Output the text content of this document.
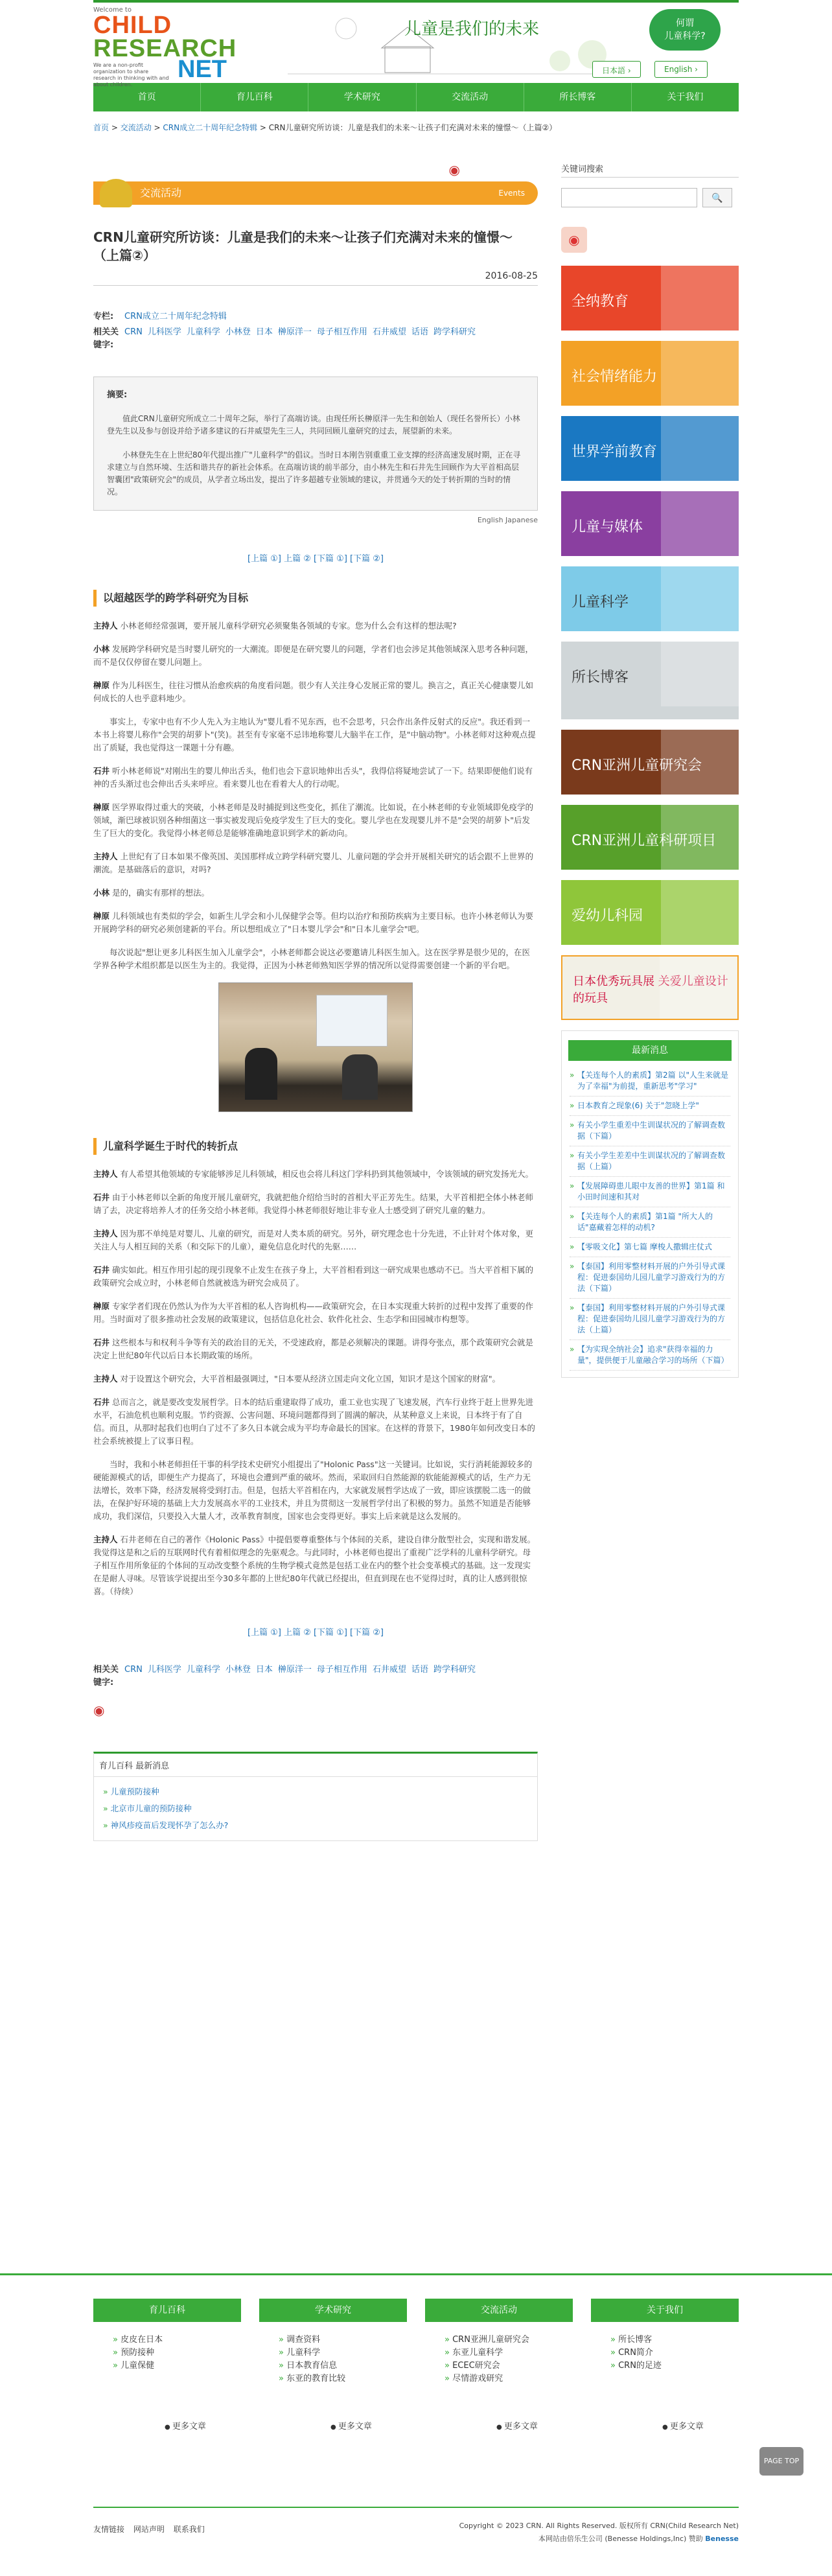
Welcome to
CHILD
RESEARCH
NET
We are a non-profit organization to share research in thinking with and about children.
儿童是我们的未来	何谓
儿童科学?
日本語 ›	English ›
首页	育儿百科	学术研究	交流活动	所长博客	关于我们
首页 > 交流活动 > CRN成立二十周年纪念特辑 > CRN儿童研究所访谈：儿童是我们的未来～让孩子们充满对未来的憧憬～（上篇②）
◉
交流活动	Events
CRN儿童研究所访谈：儿童是我们的未来～让孩子们充满对未来的憧憬～（上篇②）
2016-08-25
专栏: CRN成立二十周年纪念特辑
相关关键字:CRN 儿科医学 儿童科学 小林登 日本 榊原洋一 母子相互作用 石井威望 话语 跨学科研究
摘要:

值此CRN儿童研究所成立二十周年之际，举行了高端访谈。由现任所长榊原洋一先生和创始人（现任名誉所长）小林登先生以及参与创设并给予诸多建议的石井威望先生三人，共同回顾儿童研究的过去，展望新的未来。

小林登先生在上世纪80年代提出推广"儿童科学"的倡议。当时日本刚告别重重工业支撑的经济高速发展时期，正在寻求建立与自然环境、生活和谐共存的新社会体系。在高端访谈的前半部分，由小林先生和石井先生回顾作为大平首相高层智囊团"政策研究会"的成员，从学者立场出发，提出了许多超越专业领域的建议，并贯通今天的处于转折期的当时的情况。

English Japanese
[上篇 ①] 上篇 ② [下篇 ①] [下篇 ②]
以超越医学的跨学科研究为目标

主持人 小林老师经常强调，要开展儿童科学研究必须聚集各领域的专家。您为什么会有这样的想法呢?

小林 发展跨学科研究是当时婴儿研究的一大潮流。即便是在研究婴儿的问题，学者们也会涉足其他领域深入思考各种问题，而不是仅仅停留在婴儿问题上。

榊原 作为儿科医生，往往习惯从治愈疾病的角度看问题。很少有人关注身心发展正常的婴儿。换言之，真正关心健康婴儿如何成长的人也乎意料地少。

事实上，专家中也有不少人先入为主地认为"婴儿看不见东西，也不会思考，只会作出条件反射式的反应"。我还看到一本书上将婴儿称作"会哭的胡萝卜"(笑)。甚至有专家毫不忌讳地称婴儿大脑半在工作，是"中脑动物"。小林老师对这种观点提出了质疑，我也觉得这一课题十分有趣。

石井 听小林老师说"对刚出生的婴儿伸出舌头，他们也会下意识地伸出舌头"，我得信将疑地尝试了一下。结果即便他们说有神的舌头渐过也会伸出舌头来呼应。看来婴儿也在看着大人的行动呢。

榊原 医学界取得过重大的突破，小林老师是及时捕捉到这些变化，抓住了潮流。比如说，在小林老师的专业领域即免疫学的领域，渐巴球被识别各种细菌这一事实被发现后免疫学发生了巨大的变化。婴儿学也在发现婴儿并不是"会哭的胡萝卜"后发生了巨大的变化。我觉得小林老师总是能够准确地意识到学术的新动向。

主持人 上世纪有了日本如果不像英国、美国那样成立跨学科研究婴儿、儿童问题的学会并开展相关研究的话会跟不上世界的潮流。是基础落后的意识，对吗?

小林 是的，确实有那样的想法。

榊原 儿科领域也有类似的学会，如新生儿学会和小儿保健学会等。但均以治疗和预防疾病为主要目标。也许小林老师认为要开展跨学科的研究必须创建新的平台。所以想组成立了"日本婴儿学会"和"日本儿童学会"吧。

每次说起"想让更多儿科医生加入儿童学会"，小林老师都会说这必要邀请儿科医生加入。这在医学界是很少见的，在医学界各种学术组织都是以医生为主的。我觉得，正因为小林老师熟知医学界的情况所以觉得需要创建一个新的平台吧。

儿童科学诞生于时代的转折点

主持人 有人希望其他领域的专家能够涉足儿科领域，相反也会将儿科这门学科扔到其他领域中，令该领域的研究发扬光大。

石井 由于小林老师以全新的角度开展儿童研究，我就把他介绍给当时的首相大平正芳先生。结果，大平首相把全体小林老师请了去，决定将培养人才的任务交给小林老师。我觉得小林老师很好地让非专业人士感受到了研究儿童的魅力。

主持人 因为那不单纯是对婴儿、儿童的研究，而是对人类本质的研究。另外，研究理念也十分先进，不止针对个体对象，更关注人与人相互间的关系（和交际下的儿童），避免信息化时代的先驱……

石井 确实如此。相互作用引起的现引现象不止发生在孩子身上，大平首相看到这一研究成果也感动不已。当大平首相下属的政策研究会成立时，小林老师自然就被选为研究会成员了。

榊原 专家学者们现在仍然认为作为大平首相的私人咨询机构——政策研究会，在日本实现重大转折的过程中发挥了重要的作用。当时面对了很多推动社会发展的政策建议，包括信息化社会、软件化社会、生态学和田园城市构想等。

石井 这些根本与和权利斗争等有关的政治目的无关，不受速政府，都是必须解决的课题。讲得夸张点，那个政策研究会就是决定上世纪80年代以后日本长期政策的场所。

主持人 对于设置这个研究会，大平首相最强调过，"日本要从经济立国走向文化立国，知识才是这个国家的财富"。

石井 总而言之，就是要改变发展哲学。日本的结后重建取得了成功，重工业也实现了飞速发展，汽车行业终于赶上世界先进水平，石油危机也顺利克服。节约资源、公害问题、环境问题都得到了圆满的解决，从某种意义上来说，日本终于有了自信。而且，从那时起我们也明白了过不了多久日本就会成为平均寿命最长的国家。在这样的背景下，1980年如何改变日本的社会系统被提上了议事日程。

当时，我和小林老师担任干事的科学技术史研究小组提出了"Holonic Pass"这一关键词。比如说，实行消耗能源较多的硬能源模式的话，即便生产力提高了，环境也会遭到严重的破坏。然而，采取回归自然能源的软能能源模式的话，生产力无法增长，效率下降，经济发展将受到打击。但是，包括大平首相在内，大家就发展哲学达成了一致，即应该摆脱二选一的做法，在保护好环境的基础上大力发展高水平的工业技术，并且为贯彻这一发展哲学付出了积极的努力。虽然不知道是否能够成功，我们深信，只要投入大量人才，改革教育制度，国家也会变得更好。事实上后来就是这么发展的。

主持人 石井老师在自己的著作《Holonic Pass》中提倡要尊重整体与个体间的关系，建设自律分散型社会，实现和谐发展。我觉得这是和之后的互联网时代有着相似理念的先驱观念。与此同时，小林老师也提出了重视广泛学科的儿童科学研究。母子相互作用所象征的个体间的互动改变整个系统的生物学模式竟然是包括工业在内的整个社会变革模式的基础。这一发现实在是耐人寻味。尽管该学说提出至今30多年都的上世纪80年代就已经提出，但直到现在也不觉得过时，真的让人感到很惊喜。（待续）

[上篇 ①] 上篇 ② [下篇 ①] [下篇 ②]
相关关键字:CRN 儿科医学 儿童科学 小林登 日本 榊原洋一 母子相互作用 石井威望 话语 跨学科研究
◉
育儿百科 最新消息
» 儿童预防接种
» 北京市儿童的预防接种
» 神风疹疫苗后发现怀孕了怎么办?
关键词搜索
🔍
◉
全纳教育
社会情绪能力
世界学前教育
儿童与媒体
儿童科学
所长博客
CRN亚洲儿童研究会
CRN亚洲儿童科研项目
爱幼儿科园
日本优秀玩具展 关爱儿童设计的玩具
最新消息
» 【关连每个人的素质】第2篇 以"人生来就是为了幸福"为前提，重新思考"学习"
» 日本教育之现象(6) 关于"忽晓上学"
» 有关小学生重差中生训谋状况的了解调查数据（下篇）
» 有关小学生差差中生训谋状况的了解调查数据（上篇）
» 【发展障碍患儿眼中友善的世界】第1篇 和小田时间速和其对
» 【关连每个人的素质】第1篇 "所大人的话"嘉藏着怎样的动机?
» 【零吸文化】第七篇 摩梭人撒辑庄仗式
» 【泰国】利用零整材料开展的户外引导式课程：促进泰国幼儿园儿童学习游戏行为的方法（下篇）
» 【泰国】利用零整材料开展的户外引导式课程：促进泰国幼儿园儿童学习游戏行为的方法（上篇）
» 【为实现全纳社会】追求"获得幸福的力量"，提供便于儿童融合学习的场所（下篇）
育儿百科
» 皮皮在日本
» 预防接种
» 儿童保健
● 更多文章
学术研究
» 调查资料
» 儿童科学
» 日本教育信息
» 东亚的教育比较
● 更多文章
交流活动
» CRN亚洲儿童研究会
» 东亚儿童科学
» ECEC研究会
» 尽情游戏研究
● 更多文章
关于我们
» 所长博客
» CRN简介
» CRN的足迹
● 更多文章
PAGE TOP
友情链接 网站声明 联系我们	Copyright © 2023 CRN. All Rights Reserved. 版权所有 CRN(Child Research Net)
本网站由倍乐生公司 (Benesse Holdings,Inc) 赞助 Benesse
